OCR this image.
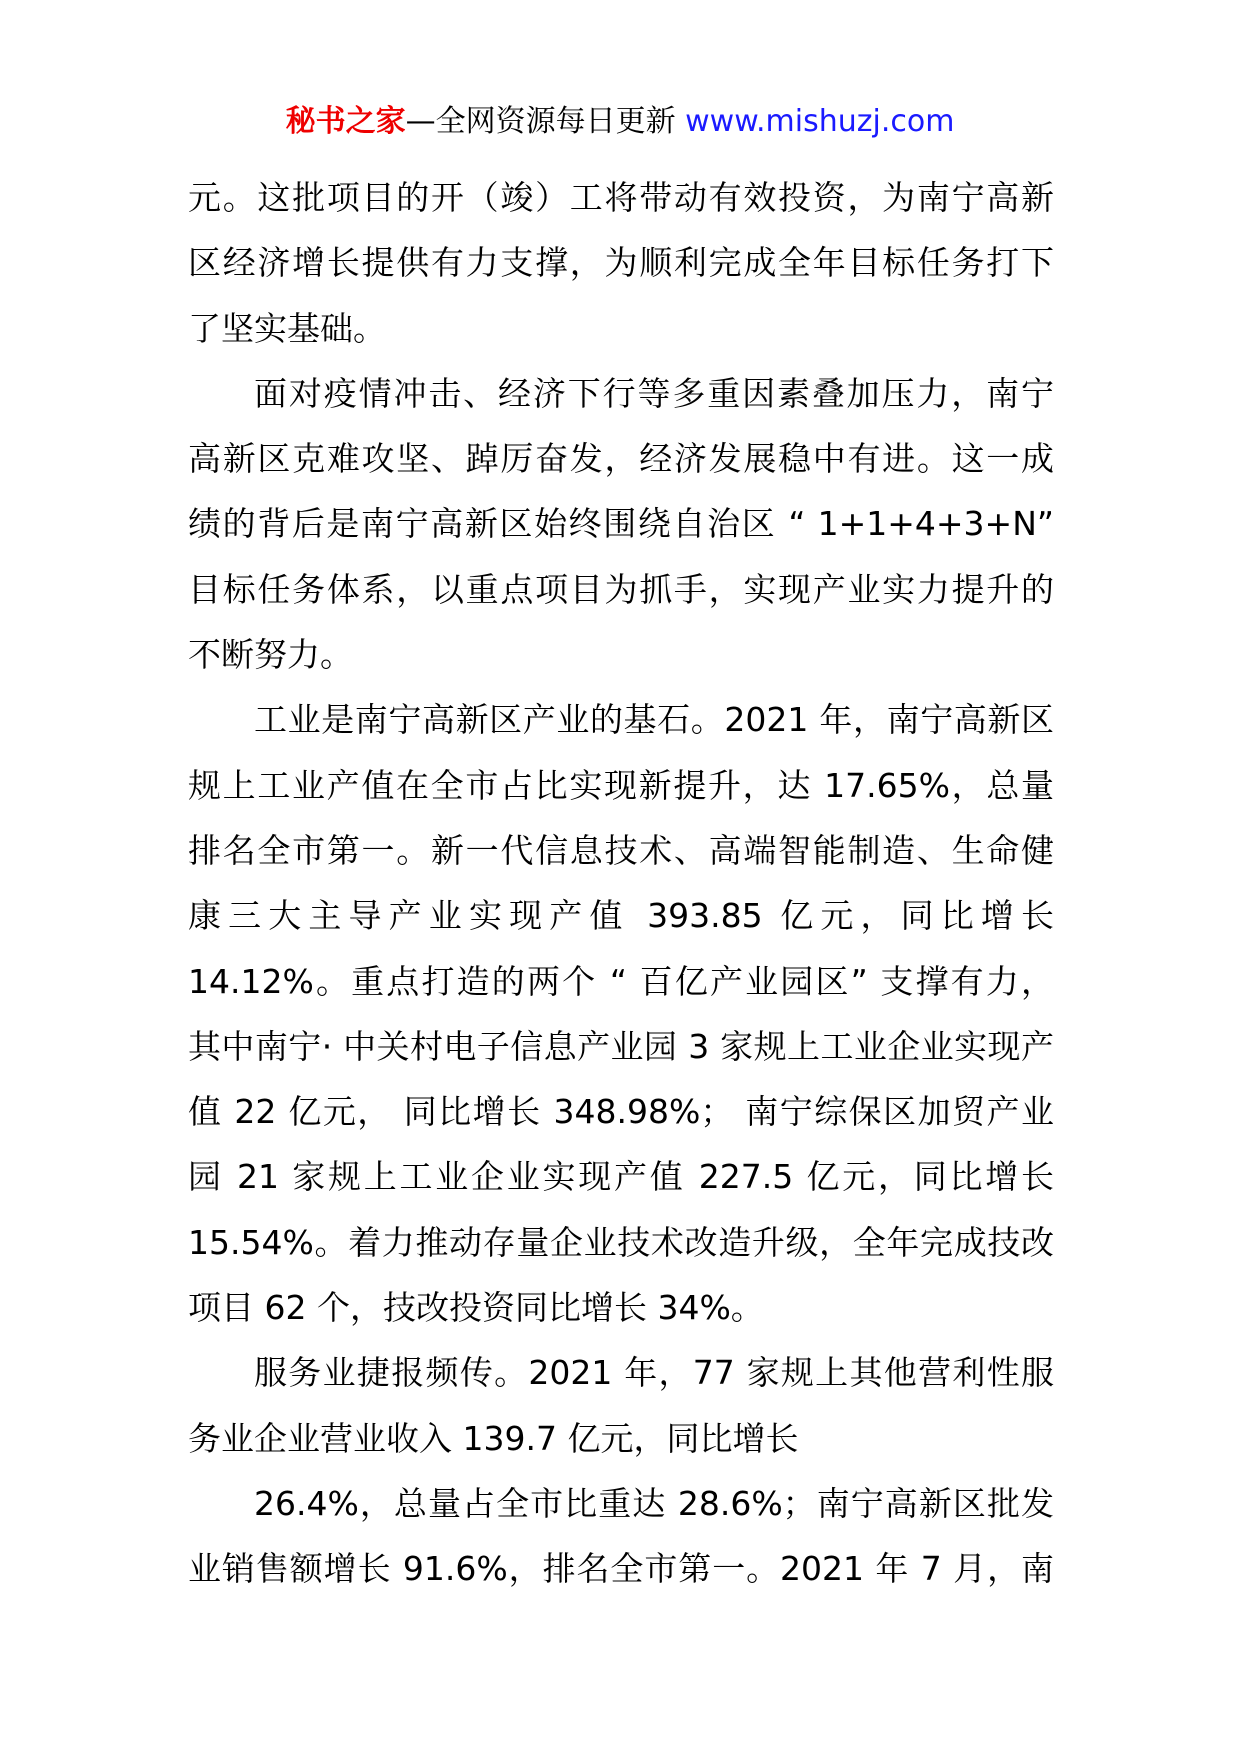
秘书之家—全网资源每日更新 www.mishuzj.com
元。这批项目的开（竣）工将带动有效投资，为南宁高新
区经济增长提供有力支撑，为顺利完成全年目标任务打下
了坚实基础。
面对疫情冲击、经济下行等多重因素叠加压力，南宁
高新区克难攻坚、踔厉奋发，经济发展稳中有进。这一成
绩的背后是南宁高新区始终围绕自治区 “ 1+1+4+3+N”
目标任务体系，以重点项目为抓手，实现产业实力提升的
不断努力。
工业是南宁高新区产业的基石。2021 年，南宁高新区
规上工业产值在全市占比实现新提升，达 17.65%，总量
排名全市第一。新一代信息技术、高端智能制造、生命健
康三大主导产业实现产值 393.85 亿元，同比增长
14.12%。重点打造的两个 “ 百亿产业园区” 支撑有力，
其中南宁· 中关村电子信息产业园 3 家规上工业企业实现产
值 22 亿元， 同比增长 348.98%； 南宁综保区加贸产业
园 21 家规上工业企业实现产值 227.5 亿元，同比增长
15.54%。着力推动存量企业技术改造升级，全年完成技改
项目 62 个，技改投资同比增长 34%。
服务业捷报频传。2021 年，77 家规上其他营利性服
务业企业营业收入 139.7 亿元，同比增长
26.4%，总量占全市比重达 28.6%；南宁高新区批发
业销售额增长 91.6%，排名全市第一。2021 年 7 月，南
